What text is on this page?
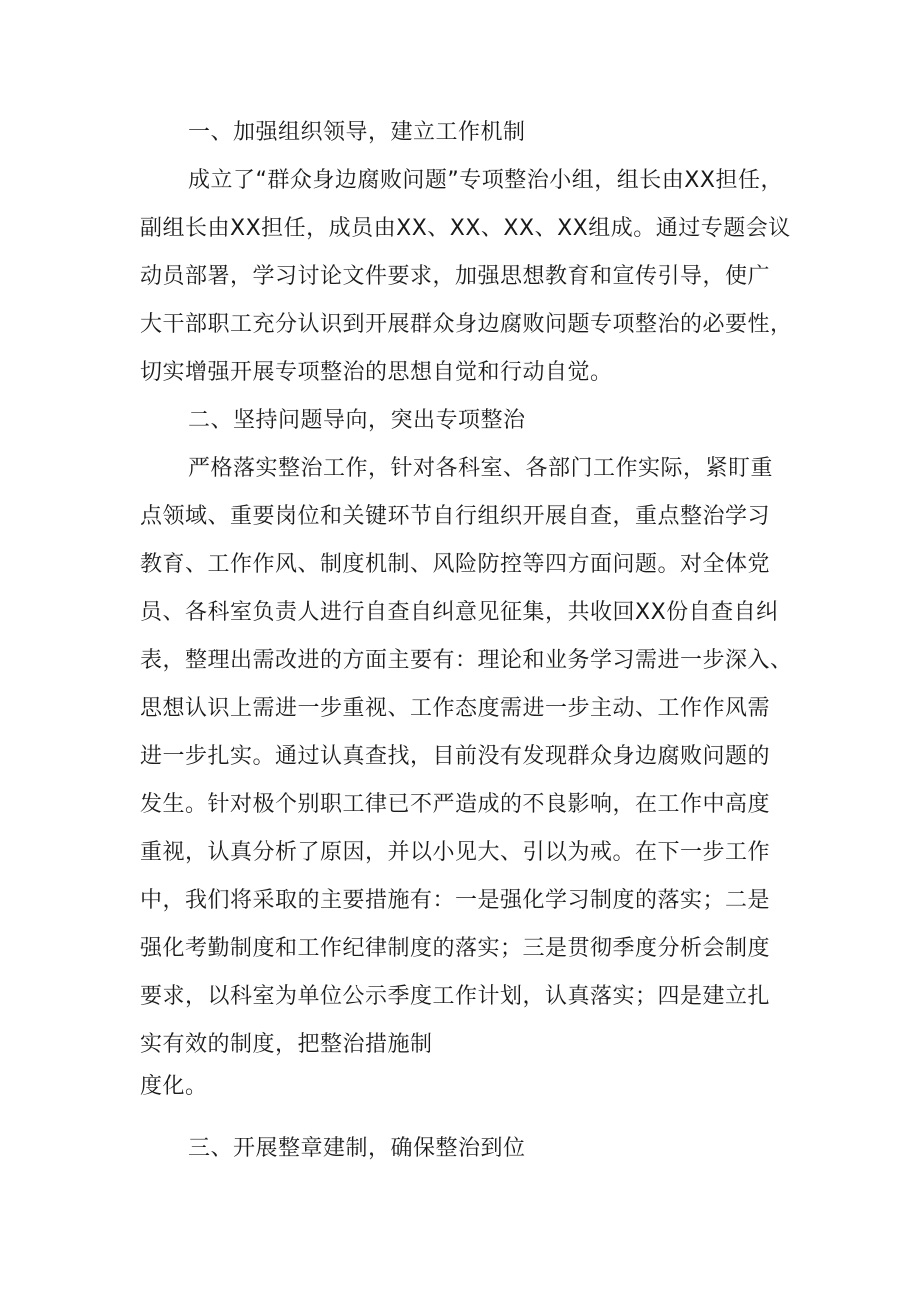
一、加强组织领导，建立工作机制
成立了“群众身边腐败问题”专项整治小组，组长由XX担任，
副组长由XX担任，成员由XX、XX、XX、XX组成。通过专题会议
动员部署，学习讨论文件要求，加强思想教育和宣传引导，使广
大干部职工充分认识到开展群众身边腐败问题专项整治的必要性，
切实增强开展专项整治的思想自觉和行动自觉。
二、坚持问题导向，突出专项整治
严格落实整治工作，针对各科室、各部门工作实际，紧盯重
点领域、重要岗位和关键环节自行组织开展自查，重点整治学习
教育、工作作风、制度机制、风险防控等四方面问题。对全体党
员、各科室负责人进行自查自纠意见征集，共收回XX份自查自纠
表，整理出需改进的方面主要有：理论和业务学习需进一步深入、
思想认识上需进一步重视、工作态度需进一步主动、工作作风需
进一步扎实。通过认真查找，目前没有发现群众身边腐败问题的
发生。针对极个别职工律已不严造成的不良影响，在工作中高度
重视，认真分析了原因，并以小见大、引以为戒。在下一步工作
中，我们将采取的主要措施有：一是强化学习制度的落实；二是
强化考勤制度和工作纪律制度的落实；三是贯彻季度分析会制度
要求，以科室为单位公示季度工作计划，认真落实；四是建立扎
实有效的制度，把整治措施制
度化。
三、开展整章建制，确保整治到位
